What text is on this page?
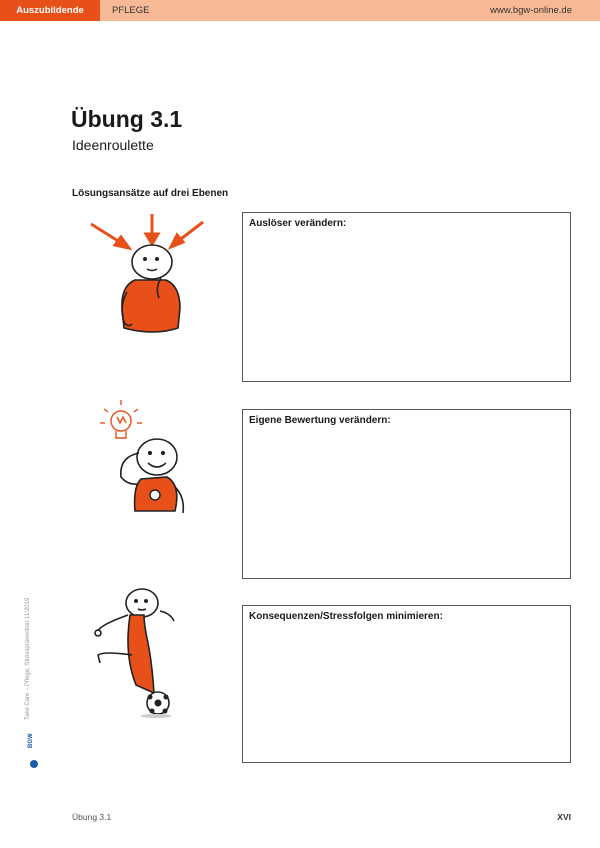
Auszubildende	PFLEGE	www.bgw-online.de
Übung 3.1
Ideenroulette
Lösungsansätze auf drei Ebenen
Auslöser verändern:
Eigene Bewertung verändern:
Konsequenzen/Stressfolgen minimieren:
Take Care – Pflege, Stressprävention 11/2019
BGW
Übung 3.1	XVI
